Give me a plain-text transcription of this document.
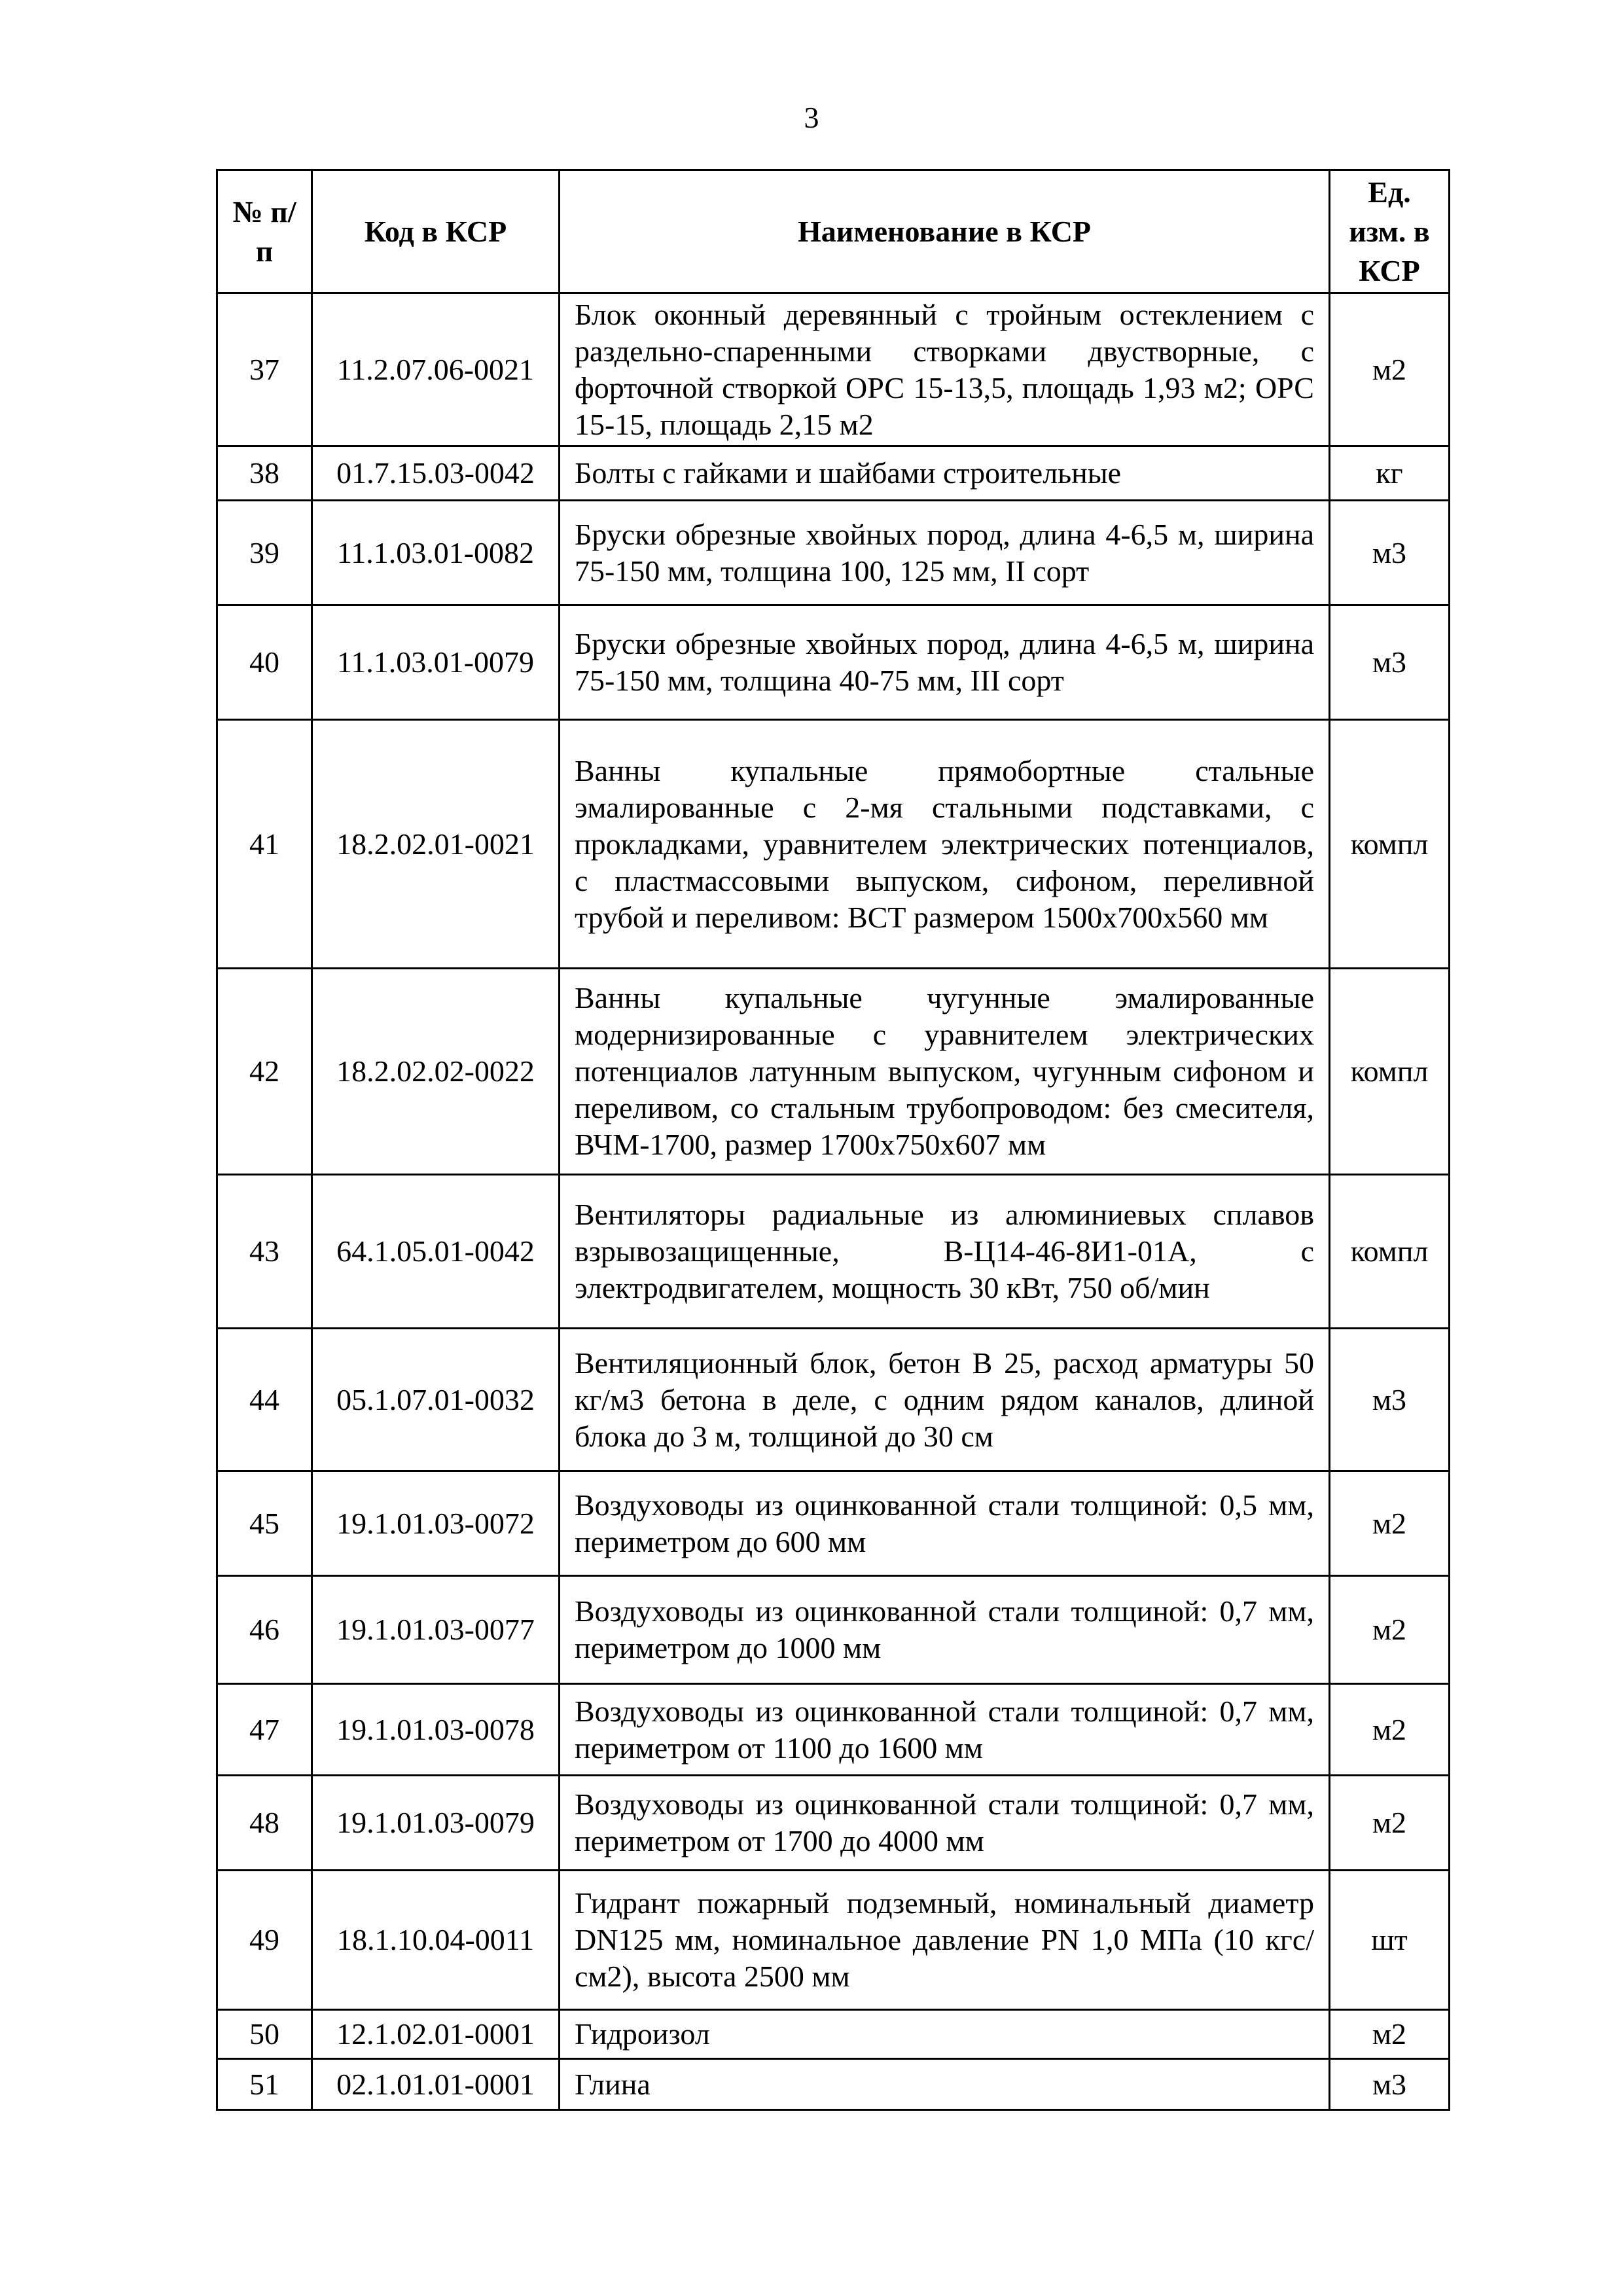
3
№ п/п	Код в КСР	Наименование в КСР	Ед. изм. в КСР
37	11.2.07.06-0021	Блок оконный деревянный с тройным остеклением с раздельно-спаренными створками двустворные, с форточной створкой ОРС 15-13,5, площадь 1,93 м2; ОРС 15-15, площадь 2,15 м2	м2
38	01.7.15.03-0042	Болты с гайками и шайбами строительные	кг
39	11.1.03.01-0082	Бруски обрезные хвойных пород, длина 4-6,5 м, ширина 75-150 мм, толщина 100, 125 мм, II сорт	м3
40	11.1.03.01-0079	Бруски обрезные хвойных пород, длина 4-6,5 м, ширина 75-150 мм, толщина 40-75 мм, III сорт	м3
41	18.2.02.01-0021	Ванны купальные прямобортные стальные эмалированные с 2-мя стальными подставками, с прокладками, уравнителем электрических потенциалов, с пластмассовыми выпуском, сифоном, переливной трубой и переливом: ВСТ размером 1500х700х560 мм	компл
42	18.2.02.02-0022	Ванны купальные чугунные эмалированные модернизированные с уравнителем электрических потенциалов латунным выпуском, чугунным сифоном и переливом, со стальным трубопроводом: без смесителя, ВЧМ-1700, размер 1700х750х607 мм	компл
43	64.1.05.01-0042	Вентиляторы радиальные из алюминиевых сплавов взрывозащищенные, В-Ц14-46-8И1-01А, с электродвигателем, мощность 30 кВт, 750 об/мин	компл
44	05.1.07.01-0032	Вентиляционный блок, бетон В 25, расход арматуры 50 кг/м3 бетона в деле, с одним рядом каналов, длиной блока до 3 м, толщиной до 30 см	м3
45	19.1.01.03-0072	Воздуховоды из оцинкованной стали толщиной: 0,5 мм, периметром до 600 мм	м2
46	19.1.01.03-0077	Воздуховоды из оцинкованной стали толщиной: 0,7 мм, периметром до 1000 мм	м2
47	19.1.01.03-0078	Воздуховоды из оцинкованной стали толщиной: 0,7 мм, периметром от 1100 до 1600 мм	м2
48	19.1.01.03-0079	Воздуховоды из оцинкованной стали толщиной: 0,7 мм, периметром от 1700 до 4000 мм	м2
49	18.1.10.04-0011	Гидрант пожарный подземный, номинальный диаметр DN125 мм, номинальное давление PN 1,0 МПа (10 кгс/см2), высота 2500 мм	шт
50	12.1.02.01-0001	Гидроизол	м2
51	02.1.01.01-0001	Глина	м3
